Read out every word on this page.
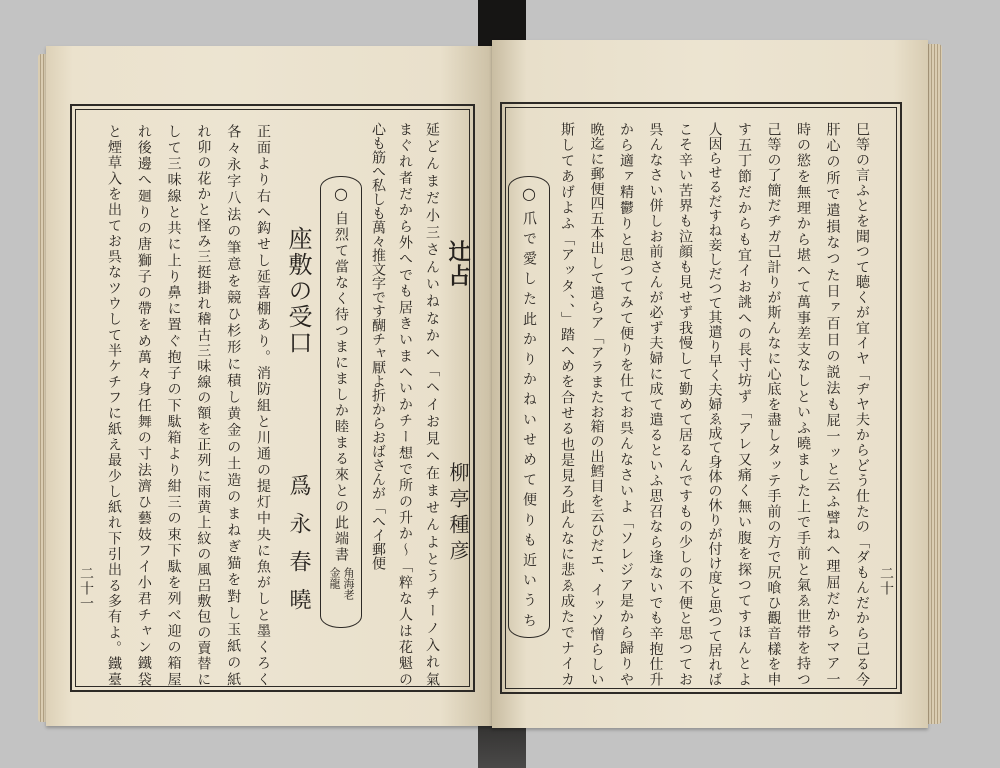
二十一
辻占
柳亭種彦
延どんまだ小三さんいねなかへ「ヘイお見へ在ませんよとうチーノ入れ氣
まぐれ者だから外へでも居きいまへいかチー想で所の升か〜「粹な人は花魁の
心も筋へ私しも萬々推文字です醐チャ厭よ折からおばさんが「へイ郵便
○
自烈て當なく待つまにましか睦まる來との此端書
角海老
金龍
座敷の受口
爲永春曉
正面より右へ鈎せし延喜棚あり。消防組と川通の提灯中央に魚がしと墨くろく
各々永字八法の筆意を競ひ杉形に積し黄金の土造のまねぎ猫を對し玉紙の紙
れ卯の花かと怪み三挺掛れ稽古三味線の額を正列に雨黄上紋の風呂敷包の賣替に
して三味線と共に上り鼻に置ぐ抱子の下駄箱より紺三の束下駄を列べ迎の箱屋
れ後邊へ廻りの唐獅子の帶をめ萬々身任舞の寸法濟ひ藝妓フイ小君チャン鐵袋
と煙草入を出てお呉なツウして半ケチフに紙え最少し紙れ下引出る多有よ。鐵臺	二十
巳等の言ふとを聞つて聴くが宜イヤ「ヂヤ夫からどう仕たの「ダもんだから己る今
肝心の所で遣損なつた日ァ百日の説法も屁一ッと云ふ譬ねへ理屈だからマア一
時の慾を無理から堪へて萬事差支なしといふ曉ました上で手前と氣ゑ世帯を持つ
己等の了簡だヂガ己計りが斯んなに心底を盡しタッテ手前の方で尻喰ひ觀音樣を申
す五丁節だからも宜イお誂への長寸坊ず「アレ又痛く無い腹を探つてすほんとよ
人因らせるだすね妾しだつて其遣り早く夫婦ゑ成て身体の休りが付け度と思つて居れば
こそ辛い苦界も泣顔も見せず我慢して勤めて居るんですもの少しの不便と思つてお
呉んなさい併しお前さんが必ず夫婦に成て遣るといふ思召なら逢ないでも辛抱仕升
から適ァ精鬱りと思つてみて便りを仕てお呉んなさいよ「ソレジア是から歸りや
晩迄に郵便四五本出して遣らア「アラまたお箱の出鱈目を云ひだエ、イッソ憎らしい
斯してあげよふ「アッタ、、」踏へめを合せる也是見ろ此んなに悲ゑ成たでナイカ
○
爪で愛した此かりかねいせめて便りも近いうち
